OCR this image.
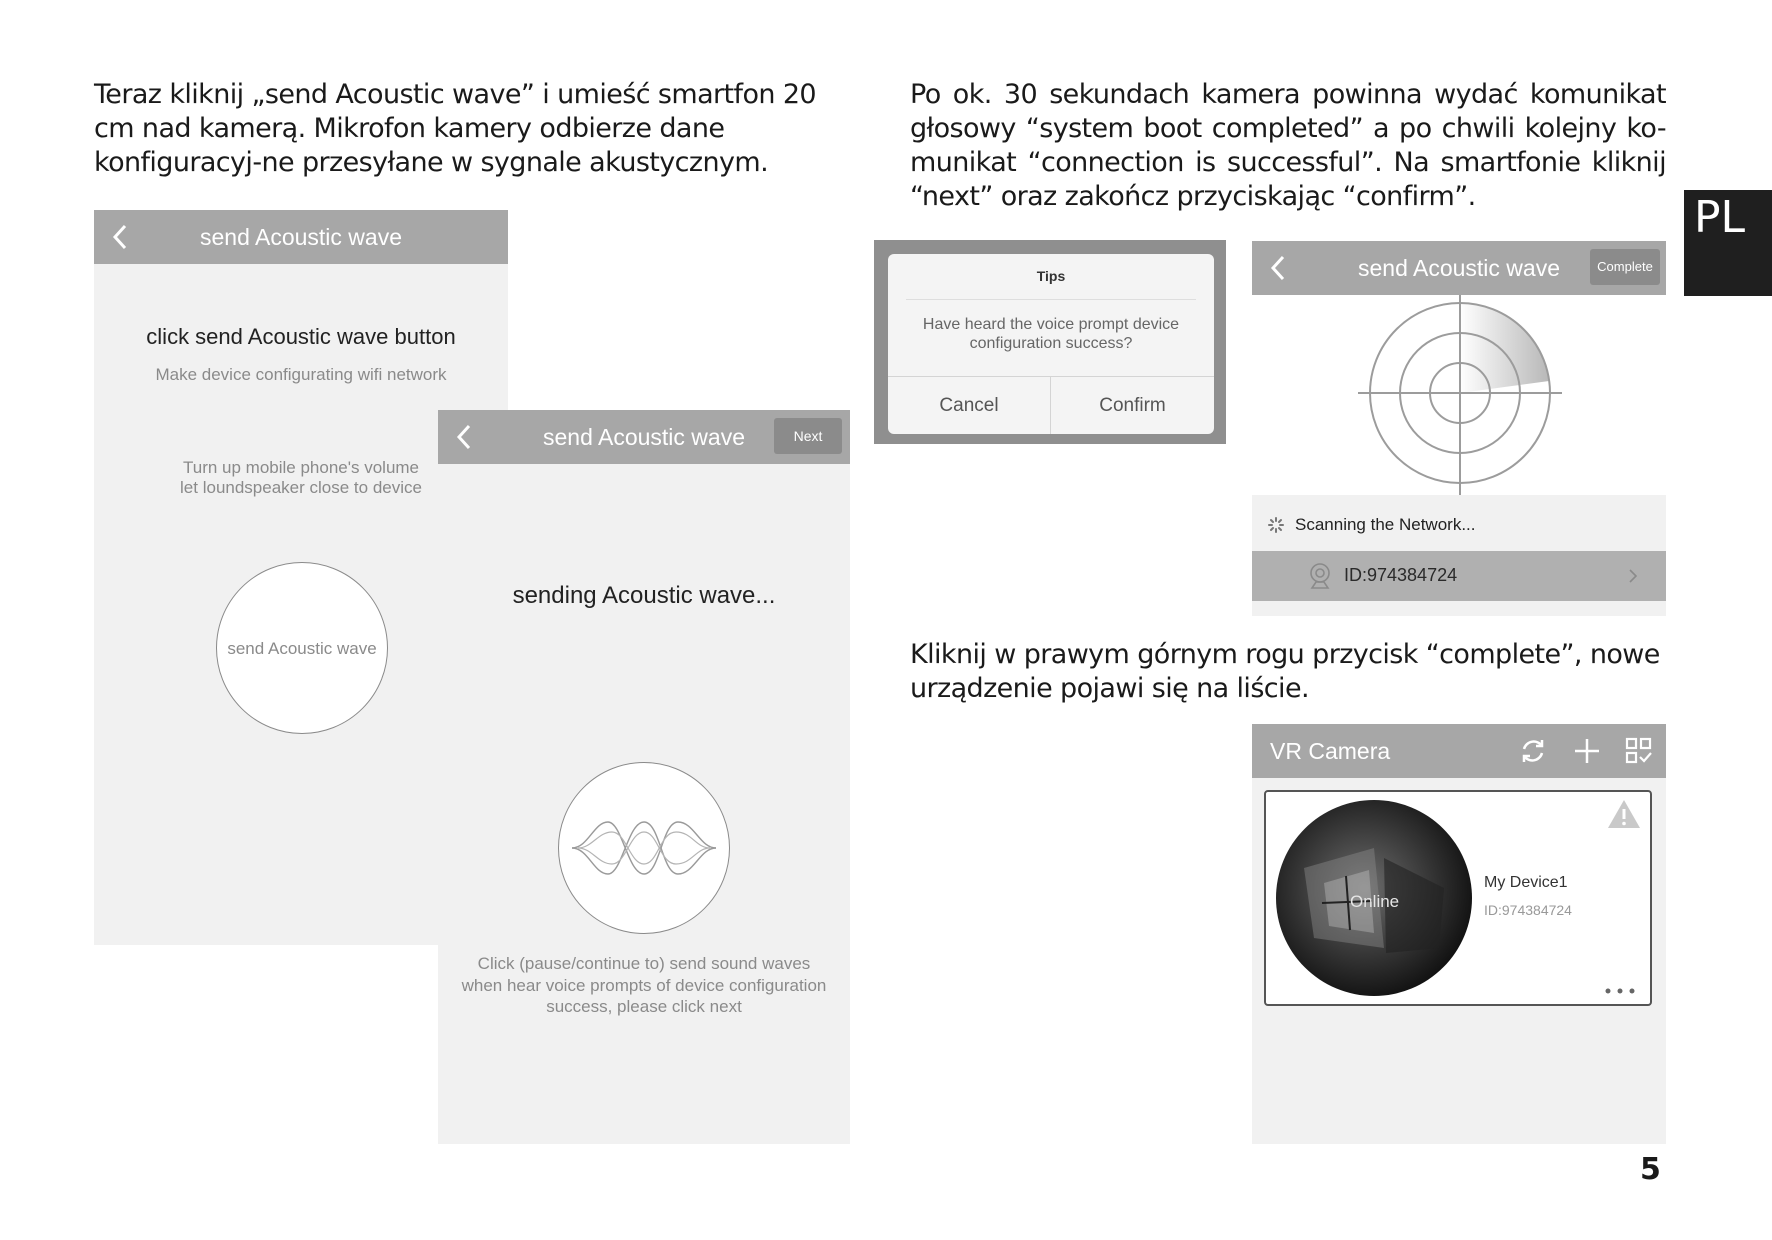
Teraz kliknij „send Acoustic wave” i umieść smartfon 20 cm nad kamerą. Mikrofon kamery odbierze dane konfiguracyj-ne przesyłane w sygnale akustycznym.

Po ok. 30 sekundach kamera powinna wydać komunikat głosowy “system boot completed” a po chwili kolejny ko-munikat “connection is successful”. Na smartfonie kliknij “next” oraz zakończ przyciskając “confirm”.

Kliknij w prawym górnym rogu przycisk “complete”, nowe urządzenie pojawi się na liście.

PL
5
send Acoustic wave
click send Acoustic wave button
Make device configurating wifi network
Turn up mobile phone's volume
let loundspeaker close to device
send Acoustic wave
send Acoustic wave	Next
sending Acoustic wave...
Click (pause/continue to) send sound waves
when hear voice prompts of device configuration
success, please click next
Tips
Have heard the voice prompt device
configuration success?
Cancel	Confirm
send Acoustic wave	Complete
Scanning the Network...
ID:974384724
VR Camera
Online
My Device1
ID:974384724
